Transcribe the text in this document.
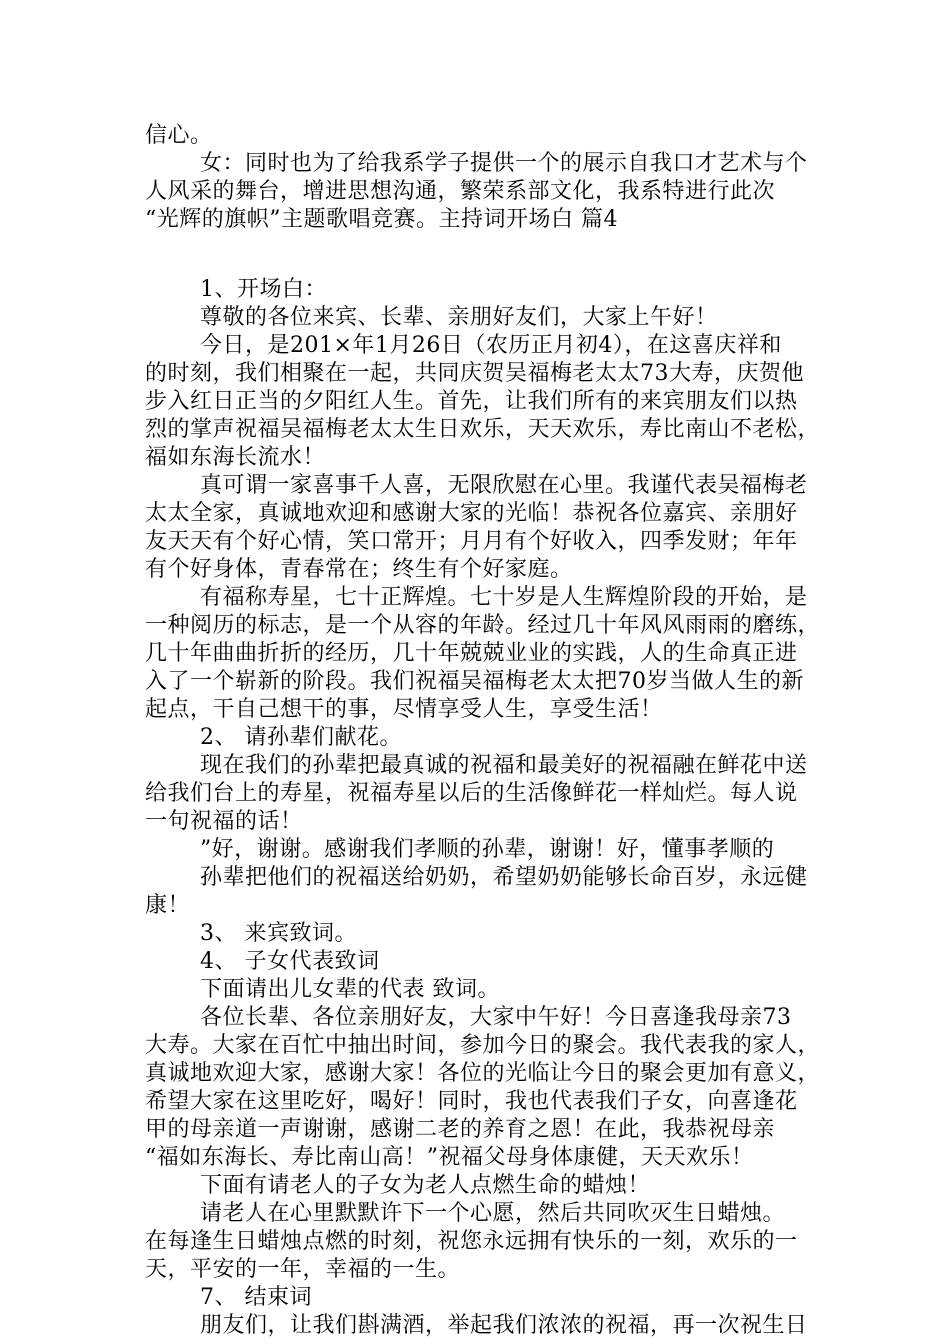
信心。
女：同时也为了给我系学子提供一个的展示自我口才艺术与个
人风采的舞台，增进思想沟通，繁荣系部文化，我系特进行此次
“光辉的旗帜”主题歌唱竞赛。主持词开场白 篇4
1、开场白：
尊敬的各位来宾、长辈、亲朋好友们，大家上午好！
今日，是201×年1月26日（农历正月初4），在这喜庆祥和
的时刻，我们相聚在一起，共同庆贺吴福梅老太太73大寿，庆贺他
步入红日正当的夕阳红人生。首先，让我们所有的来宾朋友们以热
烈的掌声祝福吴福梅老太太生日欢乐，天天欢乐，寿比南山不老松，
福如东海长流水！
真可谓一家喜事千人喜，无限欣慰在心里。我谨代表吴福梅老
太太全家，真诚地欢迎和感谢大家的光临！恭祝各位嘉宾、亲朋好
友天天有个好心情，笑口常开；月月有个好收入，四季发财；年年
有个好身体，青春常在；终生有个好家庭。
有福称寿星，七十正辉煌。七十岁是人生辉煌阶段的开始，是
一种阅历的标志，是一个从容的年龄。经过几十年风风雨雨的磨练，
几十年曲曲折折的经历，几十年兢兢业业的实践，人的生命真正进
入了一个崭新的阶段。我们祝福吴福梅老太太把70岁当做人生的新
起点，干自己想干的事，尽情享受人生，享受生活！
2、 请孙辈们献花。
现在我们的孙辈把最真诚的祝福和最美好的祝福融在鲜花中送
给我们台上的寿星，祝福寿星以后的生活像鲜花一样灿烂。每人说
一句祝福的话！
”好，谢谢。感谢我们孝顺的孙辈，谢谢！好，懂事孝顺的
孙辈把他们的祝福送给奶奶，希望奶奶能够长命百岁，永远健
康！
3、 来宾致词。
4、 子女代表致词
下面请出儿女辈的代表 致词。
各位长辈、各位亲朋好友，大家中午好！今日喜逢我母亲73
大寿。大家在百忙中抽出时间，参加今日的聚会。我代表我的家人，
真诚地欢迎大家，感谢大家！各位的光临让今日的聚会更加有意义，
希望大家在这里吃好，喝好！同时，我也代表我们子女，向喜逢花
甲的母亲道一声谢谢，感谢二老的养育之恩！在此，我恭祝母亲
“福如东海长、寿比南山高！”祝福父母身体康健，天天欢乐！
下面有请老人的子女为老人点燃生命的蜡烛！
请老人在心里默默许下一个心愿，然后共同吹灭生日蜡烛。
在每逢生日蜡烛点燃的时刻，祝您永远拥有快乐的一刻，欢乐的一
天，平安的一年，幸福的一生。
7、 结束词
朋友们，让我们斟满酒，举起我们浓浓的祝福，再一次祝生日
